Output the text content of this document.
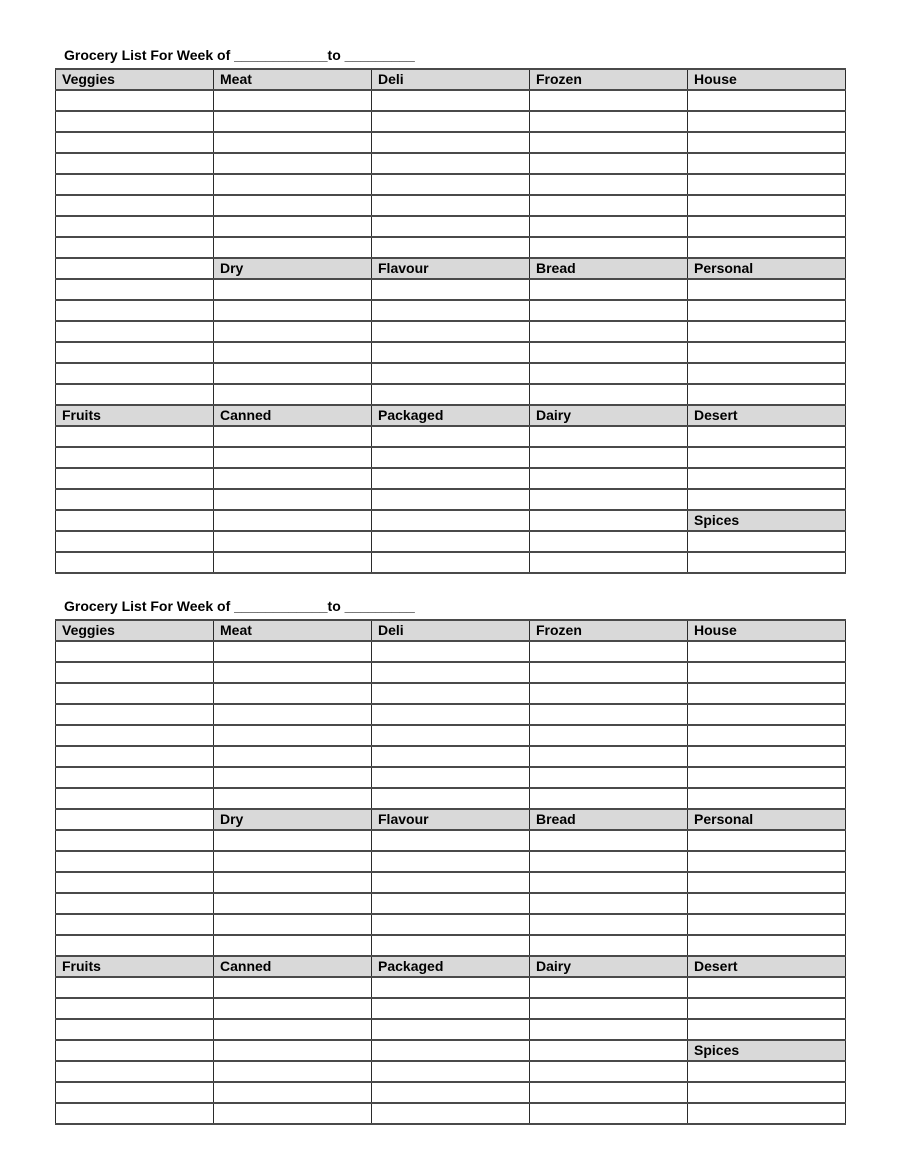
Grocery List For Week of ____________to _________
Veggies	Meat	Deli	Frozen	House

	Dry	Flavour	Bread	Personal

Fruits	Canned	Packaged	Dairy	Desert

				Spices

Grocery List For Week of ____________to _________
Veggies	Meat	Deli	Frozen	House

	Dry	Flavour	Bread	Personal

Fruits	Canned	Packaged	Dairy	Desert

				Spices
